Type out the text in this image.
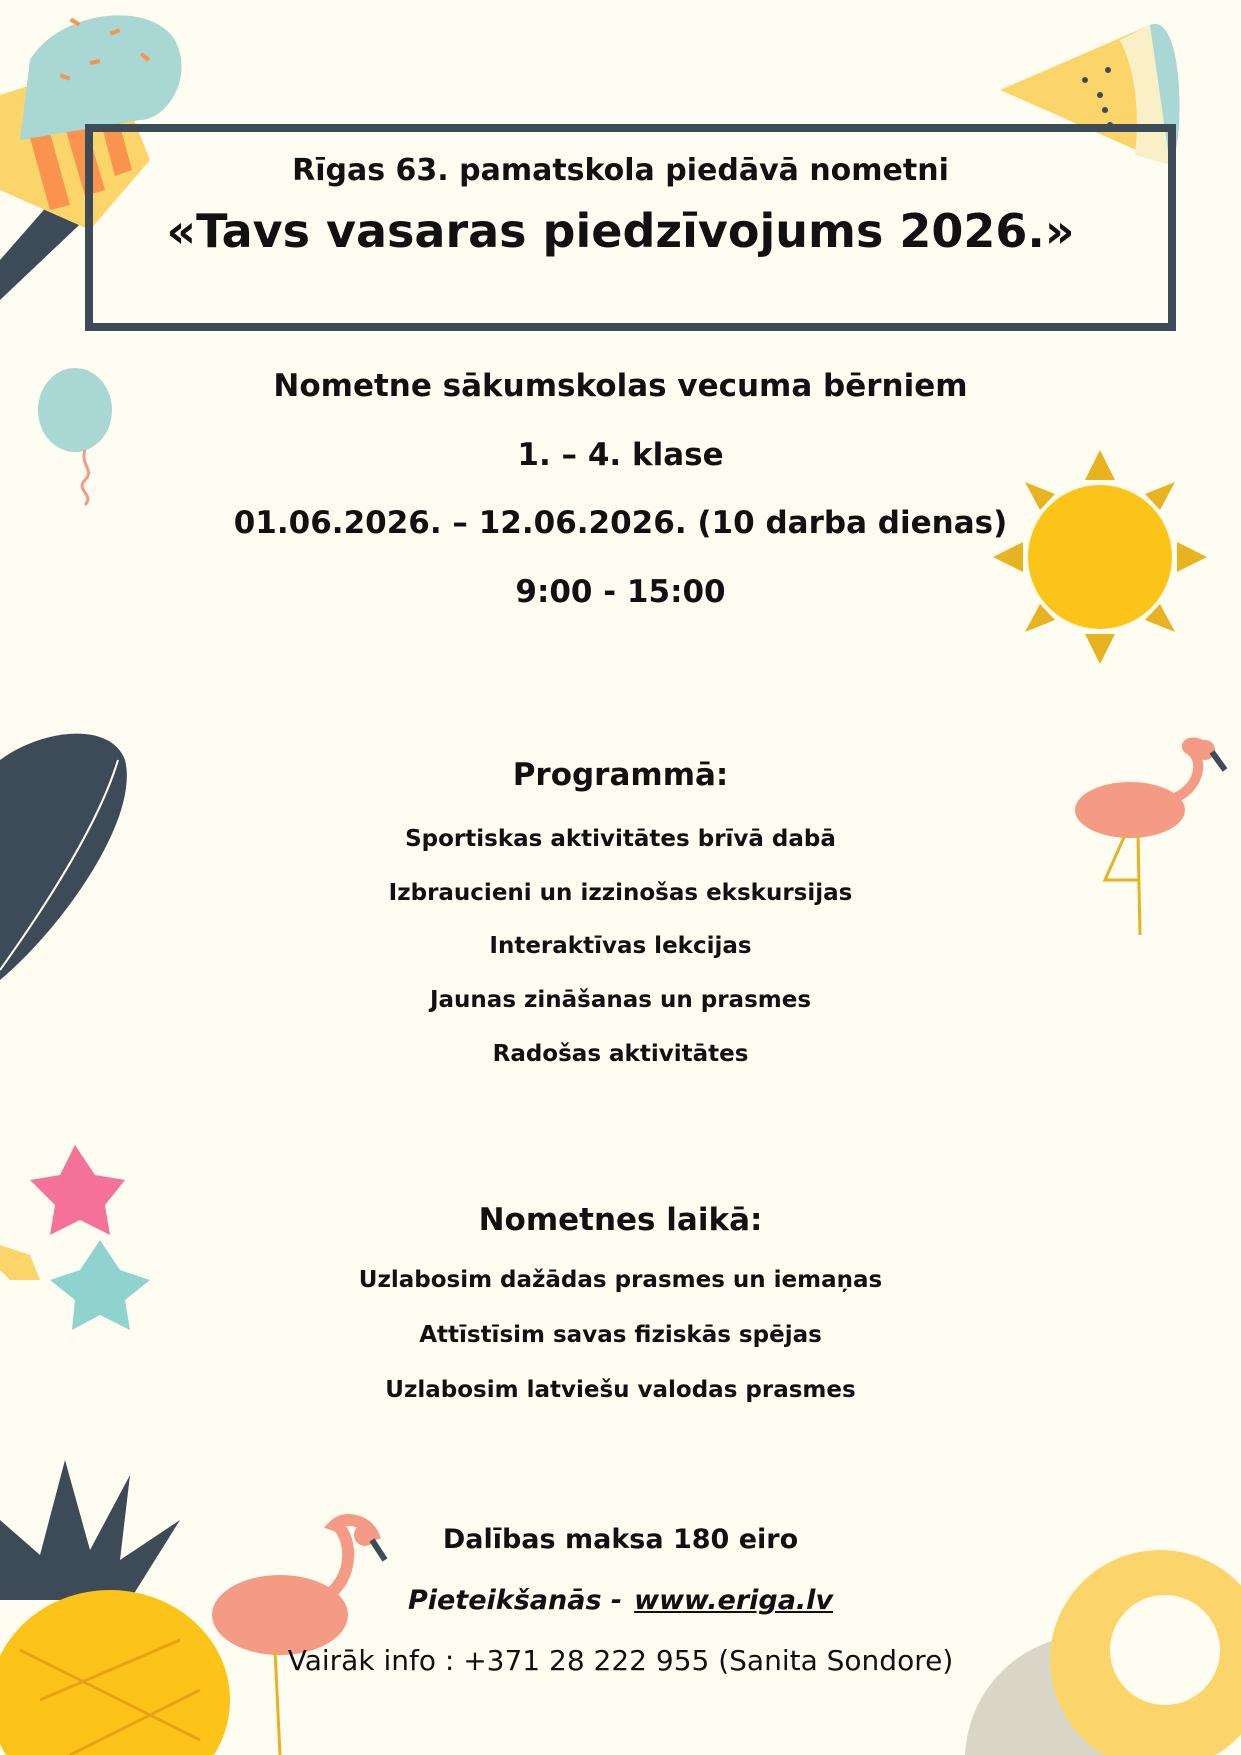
Rīgas 63. pamatskola piedāvā nometni
«Tavs vasaras piedzīvojums 2026.»
Nometne sākumskolas vecuma bērniem
1. – 4. klase
01.06.2026. – 12.06.2026. (10 darba dienas)
9:00 - 15:00
Programmā:
Sportiskas aktivitātes brīvā dabā
Izbraucieni un izzinošas ekskursijas
Interaktīvas lekcijas
Jaunas zināšanas un prasmes
Radošas aktivitātes
Nometnes laikā:
Uzlabosim dažādas prasmes un iemaņas
Attīstīsim savas fiziskās spējas
Uzlabosim latviešu valodas prasmes
Dalības maksa 180 eiro
Pieteikšanās - www.eriga.lv
Vairāk info : +371 28 222 955 (Sanita Sondore)
